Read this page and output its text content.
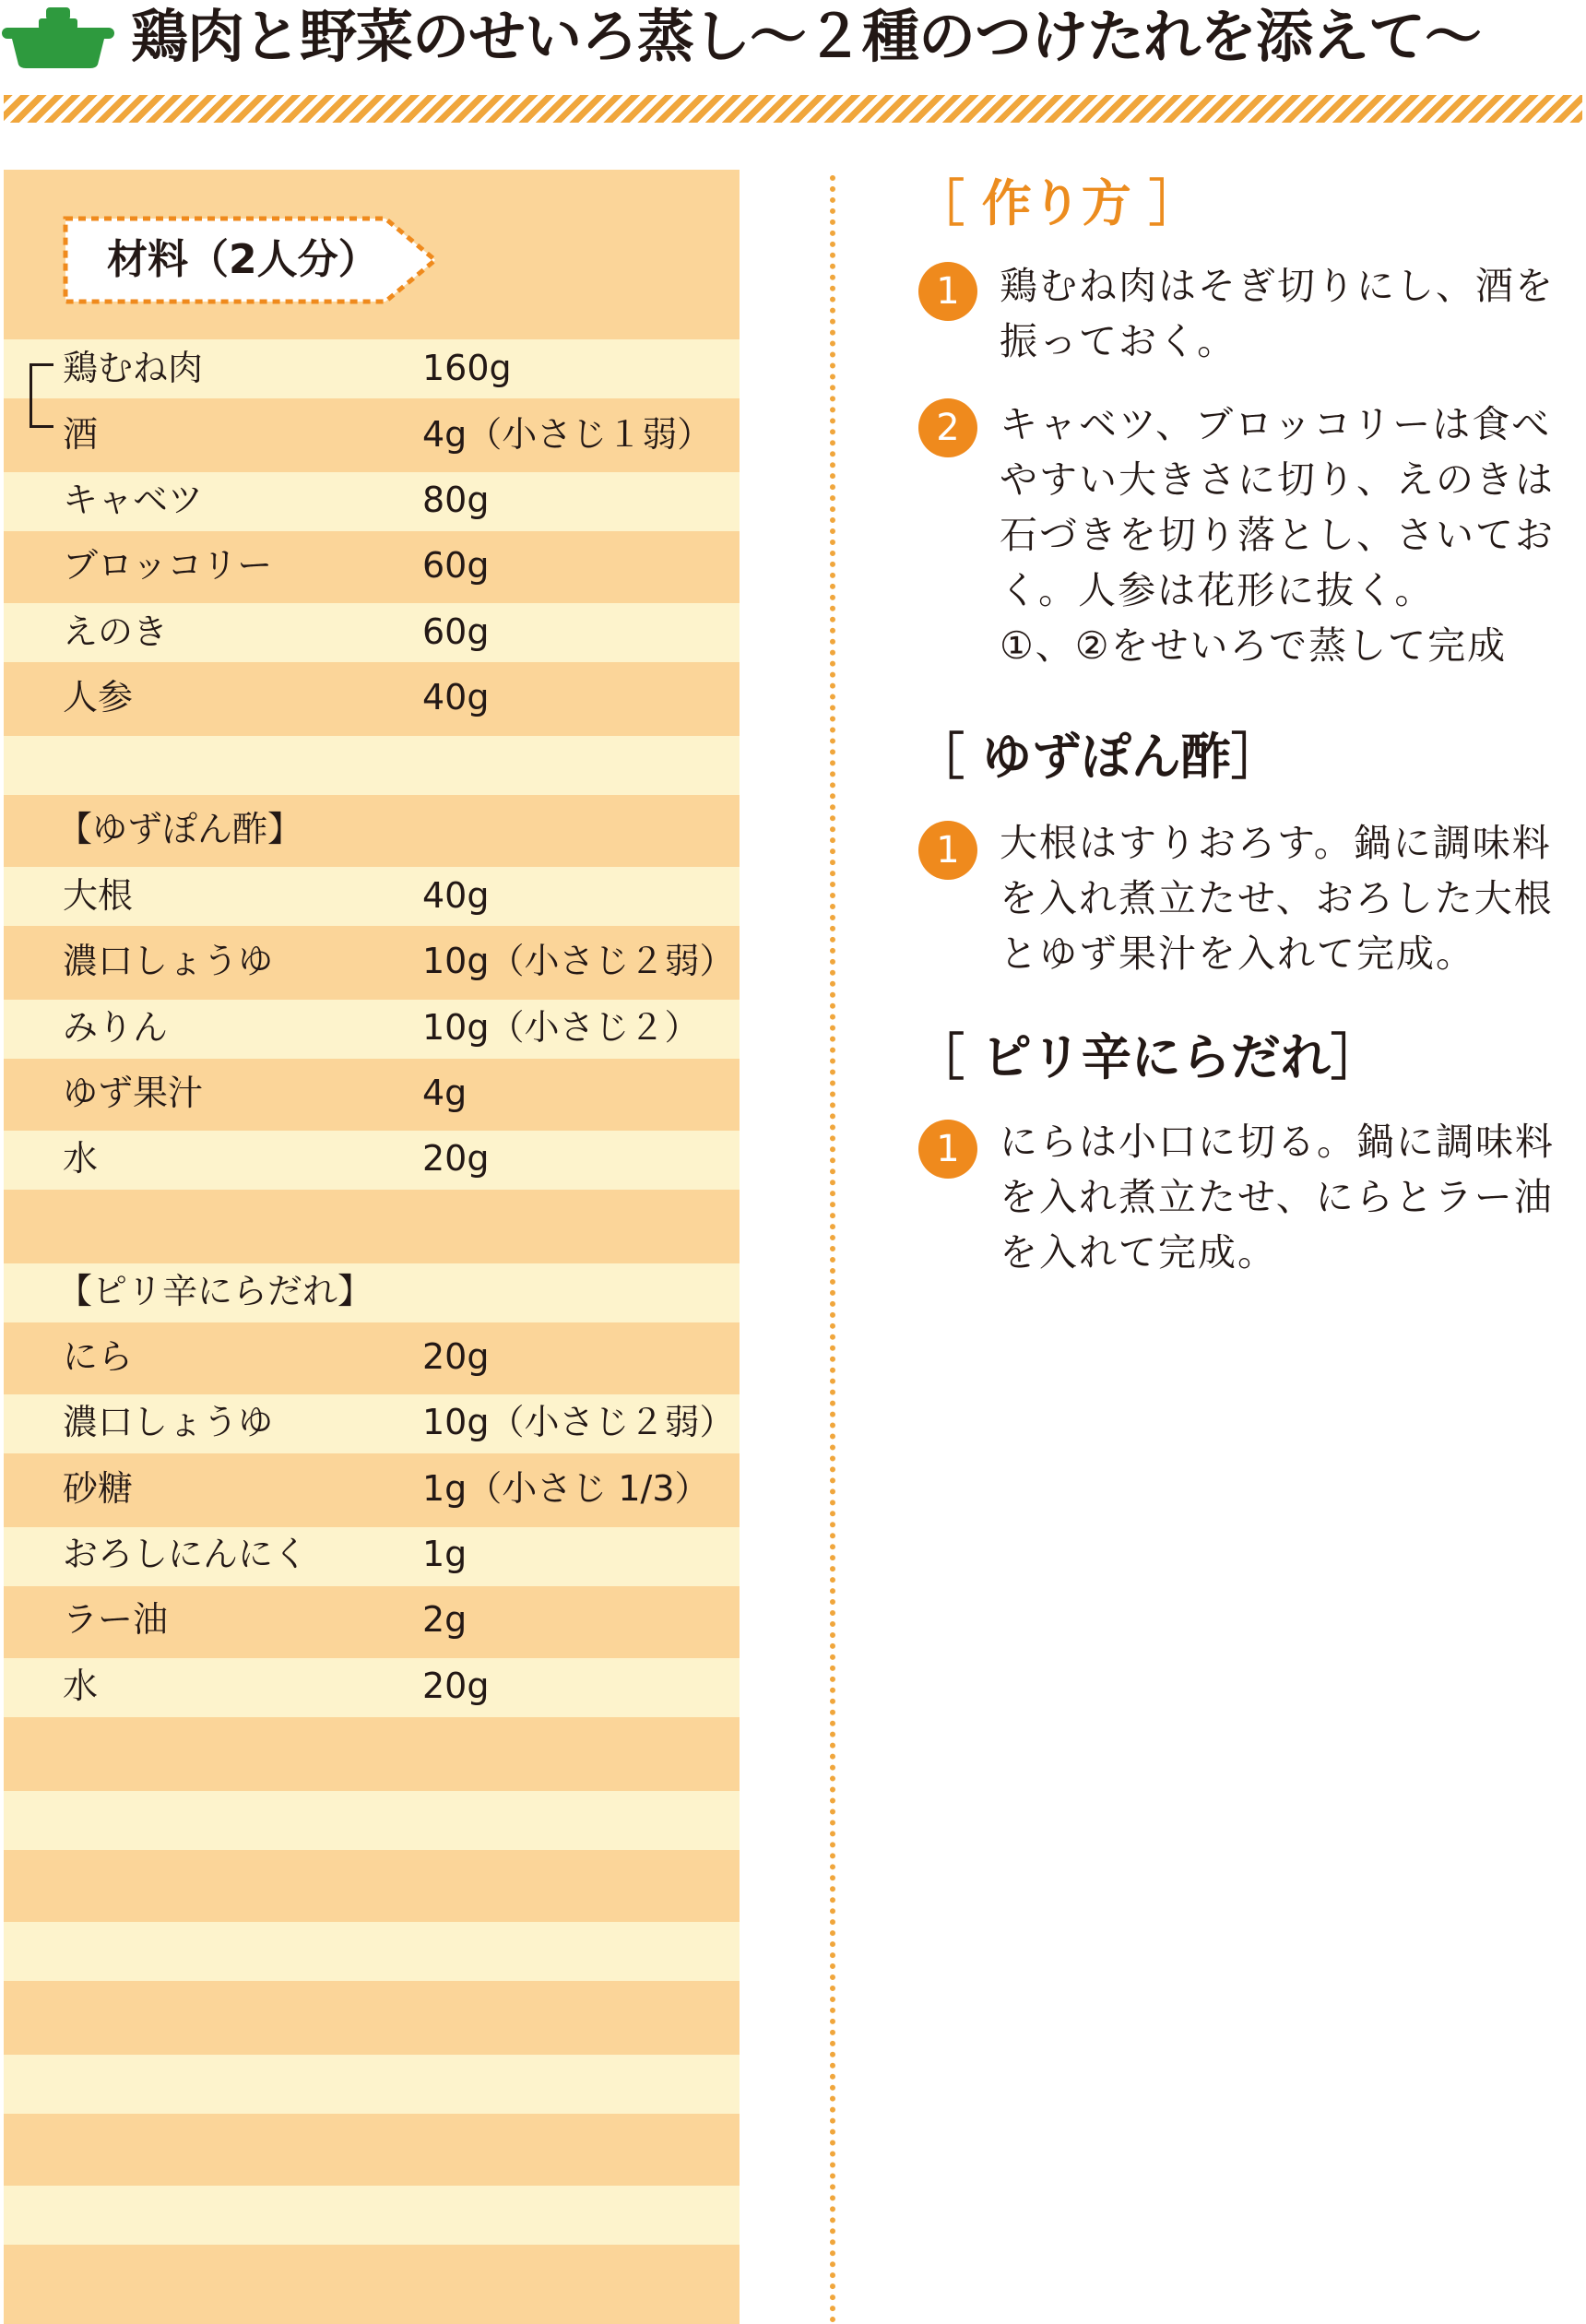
鶏肉と野菜のせいろ蒸し〜２種のつけたれを添えて〜
材料（2人分）
鶏むね肉	160g
酒	4g（小さじ１弱）
キャベツ	80g
ブロッコリー	60g
えのき	60g
人参	40g
【ゆずぽん酢】
大根	40g
濃口しょうゆ	10g（小さじ２弱）
みりん	10g（小さじ２）
ゆず果汁	4g
水	20g
【ピリ辛にらだれ】
にら	20g
濃口しょうゆ	10g（小さじ２弱）
砂糖	1g（小さじ 1/3）
おろしにんにく	1g
ラー油	2g
水	20g
［ 作り方 ］
1	鶏むね肉はそぎ切りにし、酒を
振っておく。
2	キャベツ、ブロッコリーは食べ
やすい大きさに切り、えのきは
石づきを切り落とし、さいてお
く。人参は花形に抜く。
①、②をせいろで蒸して完成
［ ゆずぽん酢］
1	大根はすりおろす。鍋に調味料
を入れ煮立たせ、おろした大根
とゆず果汁を入れて完成。
［ ピリ辛にらだれ］
1	にらは小口に切る。鍋に調味料
を入れ煮立たせ、にらとラー油
を入れて完成。
